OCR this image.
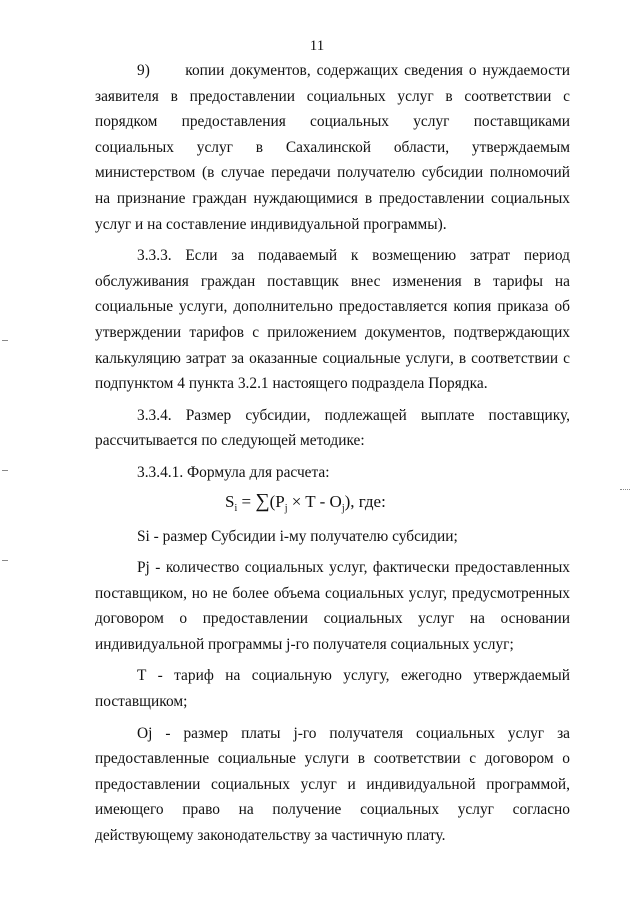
11

9)      копии документов, содержащих сведения о нуждаемости заявителя в предоставлении социальных услуг в соответствии с порядком предоставления социальных услуг поставщиками социальных услуг в Сахалинской области, утверждаемым министерством (в случае передачи получателю субсидии полномочий на признание граждан нуждающимися в предоставлении социальных услуг и на составление индивидуальной программы).

3.3.3. Если за подаваемый к возмещению затрат период обслуживания граждан поставщик внес изменения в тарифы на социальные услуги, дополнительно предоставляется копия приказа об утверждении тарифов с приложением документов, подтверждающих калькуляцию затрат за оказанные социальные услуги, в соответствии с подпунктом 4 пункта 3.2.1 настоящего подраздела Порядка.

3.3.4. Размер субсидии, подлежащей выплате поставщику, рассчитывается по следующей методике:

3.3.4.1. Формула для расчета:

$S_i = \sum(P_j \times T - O_j)$, где:

Si - размер Субсидии i-му получателю субсидии;

Pj - количество социальных услуг, фактически предоставленных поставщиком, но не более объема социальных услуг, предусмотренных договором о предоставлении социальных услуг на основании индивидуальной программы j-го получателя социальных услуг;

T - тариф на социальную услугу, ежегодно утверждаемый поставщиком;

Oj - размер платы j-го получателя социальных услуг за предоставленные социальные услуги в соответствии с договором о предоставлении социальных услуг и индивидуальной программой, имеющего право на получение социальных услуг согласно действующему законодательству за частичную плату.
